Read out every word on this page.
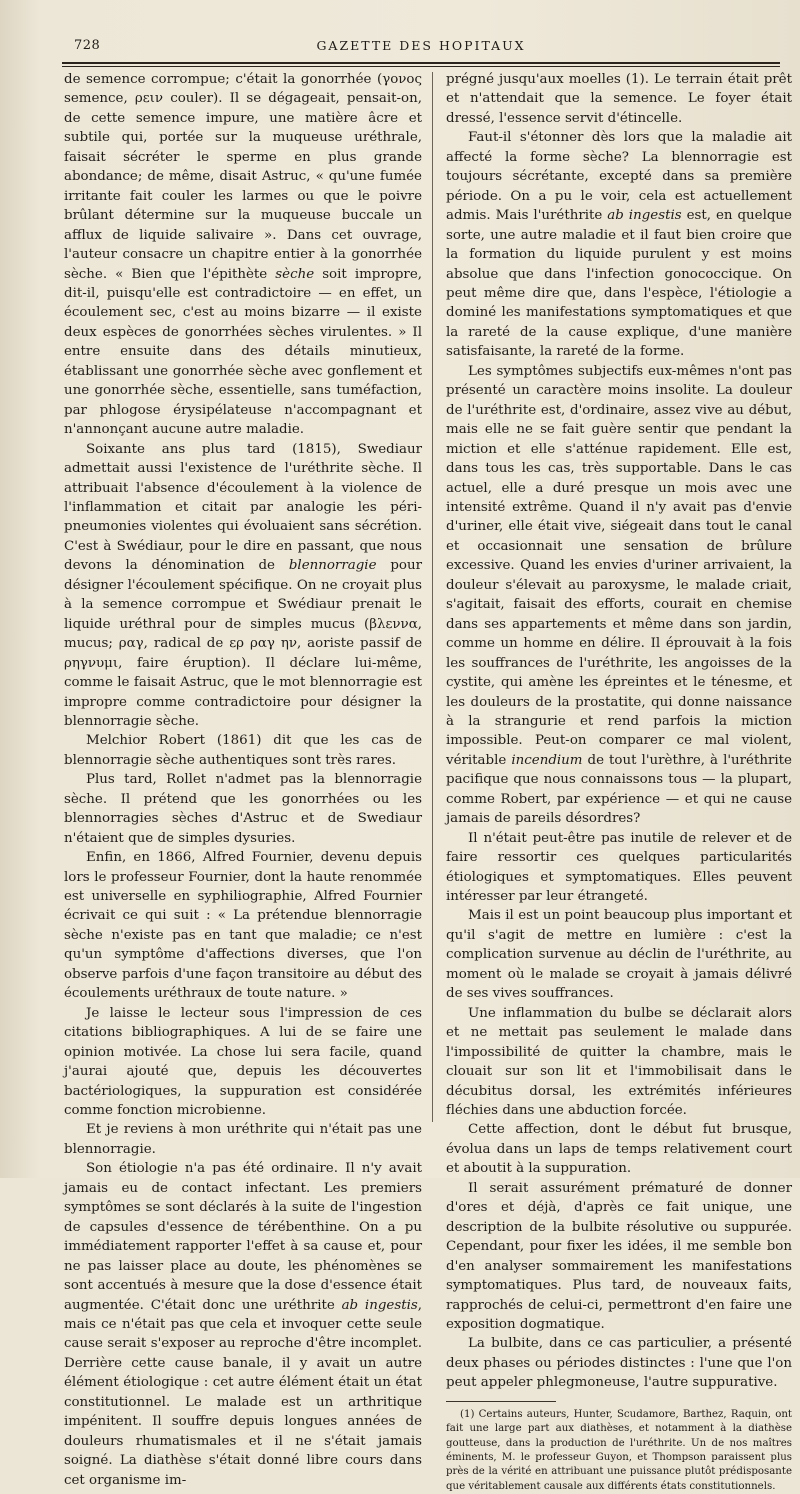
728	GAZETTE DES HOPITAUX

de semence corrompue; c'était la gonorrhée (γονος semence, ρειν couler). Il se dégageait, pensait-on, de cette semence impure, une matière âcre et subtile qui, portée sur la muqueuse uréthrale, faisait sécréter le sperme en plus grande abondance; de même, disait Astruc, « qu'une fumée irritante fait couler les larmes ou que le poivre brûlant détermine sur la muqueuse buccale un afflux de liquide salivaire ». Dans cet ouvrage, l'auteur consacre un chapitre entier à la gonorrhée sèche. « Bien que l'épithète sèche soit impropre, dit-il, puisqu'elle est contradictoire — en effet, un écoulement sec, c'est au moins bizarre — il existe deux espèces de gonorrhées sèches virulentes. » Il entre ensuite dans des détails minutieux, établissant une gonorrhée sèche avec gonflement et une gonorrhée sèche, essentielle, sans tuméfaction, par phlogose érysipélateuse n'accompagnant et n'annonçant aucune autre maladie.

Soixante ans plus tard (1815), Swediaur admettait aussi l'existence de l'uréthrite sèche. Il attribuait l'absence d'écoulement à la violence de l'inflammation et citait par analogie les péri-pneumonies violentes qui évoluaient sans sécrétion. C'est à Swédiaur, pour le dire en passant, que nous devons la dénomination de blennorragie pour désigner l'écoulement spécifique. On ne croyait plus à la semence corrompue et Swédiaur prenait le liquide uréthral pour de simples mucus (βλεννα, mucus; ραγ, radical de ερ ραγ ην, aoriste passif de ρηγνυμι, faire éruption). Il déclare lui-même, comme le faisait Astruc, que le mot blennorragie est impropre comme contradictoire pour désigner la blennorragie sèche.

Melchior Robert (1861) dit que les cas de blennorragie sèche authentiques sont très rares.

Plus tard, Rollet n'admet pas la blennorragie sèche. Il prétend que les gonorrhées ou les blennorragies sèches d'Astruc et de Swediaur n'étaient que de simples dysuries.

Enfin, en 1866, Alfred Fournier, devenu depuis lors le professeur Fournier, dont la haute renommée est universelle en syphiliographie, Alfred Fournier écrivait ce qui suit : « La prétendue blennorragie sèche n'existe pas en tant que maladie; ce n'est qu'un symptôme d'affections diverses, que l'on observe parfois d'une façon transitoire au début des écoulements uréthraux de toute nature. »

Je laisse le lecteur sous l'impression de ces citations bibliographiques. A lui de se faire une opinion motivée. La chose lui sera facile, quand j'aurai ajouté que, depuis les découvertes bactériologiques, la suppuration est considérée comme fonction microbienne.

Et je reviens à mon uréthrite qui n'était pas une blennorragie.

Son étiologie n'a pas été ordinaire. Il n'y avait jamais eu de contact infectant. Les premiers symptômes se sont déclarés à la suite de l'ingestion de capsules d'essence de térébenthine. On a pu immédiatement rapporter l'effet à sa cause et, pour ne pas laisser place au doute, les phénomènes se sont accentués à mesure que la dose d'essence était augmentée. C'était donc une uréthrite ab ingestis, mais ce n'était pas que cela et invoquer cette seule cause serait s'exposer au reproche d'être incomplet. Derrière cette cause banale, il y avait un autre élément étiologique : cet autre élément était un état constitutionnel. Le malade est un arthritique impénitent. Il souffre depuis longues années de douleurs rhumatismales et il ne s'était jamais soigné. La diathèse s'était donné libre cours dans cet organisme im-

prégné jusqu'aux moelles (1). Le terrain était prêt et n'attendait que la semence. Le foyer était dressé, l'essence servit d'étincelle.

Faut-il s'étonner dès lors que la maladie ait affecté la forme sèche? La blennorragie est toujours sécrétante, excepté dans sa première période. On a pu le voir, cela est actuellement admis. Mais l'uréthrite ab ingestis est, en quelque sorte, une autre maladie et il faut bien croire que la formation du liquide purulent y est moins absolue que dans l'infection gonococcique. On peut même dire que, dans l'espèce, l'étiologie a dominé les manifestations symptomatiques et que la rareté de la cause explique, d'une manière satisfaisante, la rareté de la forme.

Les symptômes subjectifs eux-mêmes n'ont pas présenté un caractère moins insolite. La douleur de l'uréthrite est, d'ordinaire, assez vive au début, mais elle ne se fait guère sentir que pendant la miction et elle s'atténue rapidement. Elle est, dans tous les cas, très supportable. Dans le cas actuel, elle a duré presque un mois avec une intensité extrême. Quand il n'y avait pas d'envie d'uriner, elle était vive, siégeait dans tout le canal et occasionnait une sensation de brûlure excessive. Quand les envies d'uriner arrivaient, la douleur s'élevait au paroxysme, le malade criait, s'agitait, faisait des efforts, courait en chemise dans ses appartements et même dans son jardin, comme un homme en délire. Il éprouvait à la fois les souffrances de l'uréthrite, les angoisses de la cystite, qui amène les épreintes et le ténesme, et les douleurs de la prostatite, qui donne naissance à la strangurie et rend parfois la miction impossible. Peut-on comparer ce mal violent, véritable incendium de tout l'urèthre, à l'uréthrite pacifique que nous connaissons tous — la plupart, comme Robert, par expérience — et qui ne cause jamais de pareils désordres?

Il n'était peut-être pas inutile de relever et de faire ressortir ces quelques particularités étiologiques et symptomatiques. Elles peuvent intéresser par leur étrangeté.

Mais il est un point beaucoup plus important et qu'il s'agit de mettre en lumière : c'est la complication survenue au déclin de l'uréthrite, au moment où le malade se croyait à jamais délivré de ses vives souffrances.

Une inflammation du bulbe se déclarait alors et ne mettait pas seulement le malade dans l'impossibilité de quitter la chambre, mais le clouait sur son lit et l'immobilisait dans le décubitus dorsal, les extrémités inférieures fléchies dans une abduction forcée.

Cette affection, dont le début fut brusque, évolua dans un laps de temps relativement court et aboutit à la suppuration.

Il serait assurément prématuré de donner d'ores et déjà, d'après ce fait unique, une description de la bulbite résolutive ou suppurée. Cependant, pour fixer les idées, il me semble bon d'en analyser sommairement les manifestations symptomatiques. Plus tard, de nouveaux faits, rapprochés de celui-ci, permettront d'en faire une exposition dogmatique.

La bulbite, dans ce cas particulier, a présenté deux phases ou périodes distinctes : l'une que l'on peut appeler phlegmoneuse, l'autre suppurative.

(1) Certains auteurs, Hunter, Scudamore, Barthez, Raquin, ont fait une large part aux diathèses, et notamment à la diathèse goutteuse, dans la production de l'uréthrite. Un de nos maîtres éminents, M. le professeur Guyon, et Thompson paraissent plus près de la vérité en attribuant une puissance plutôt prédisposante que véritablement causale aux différents états constitutionnels.
